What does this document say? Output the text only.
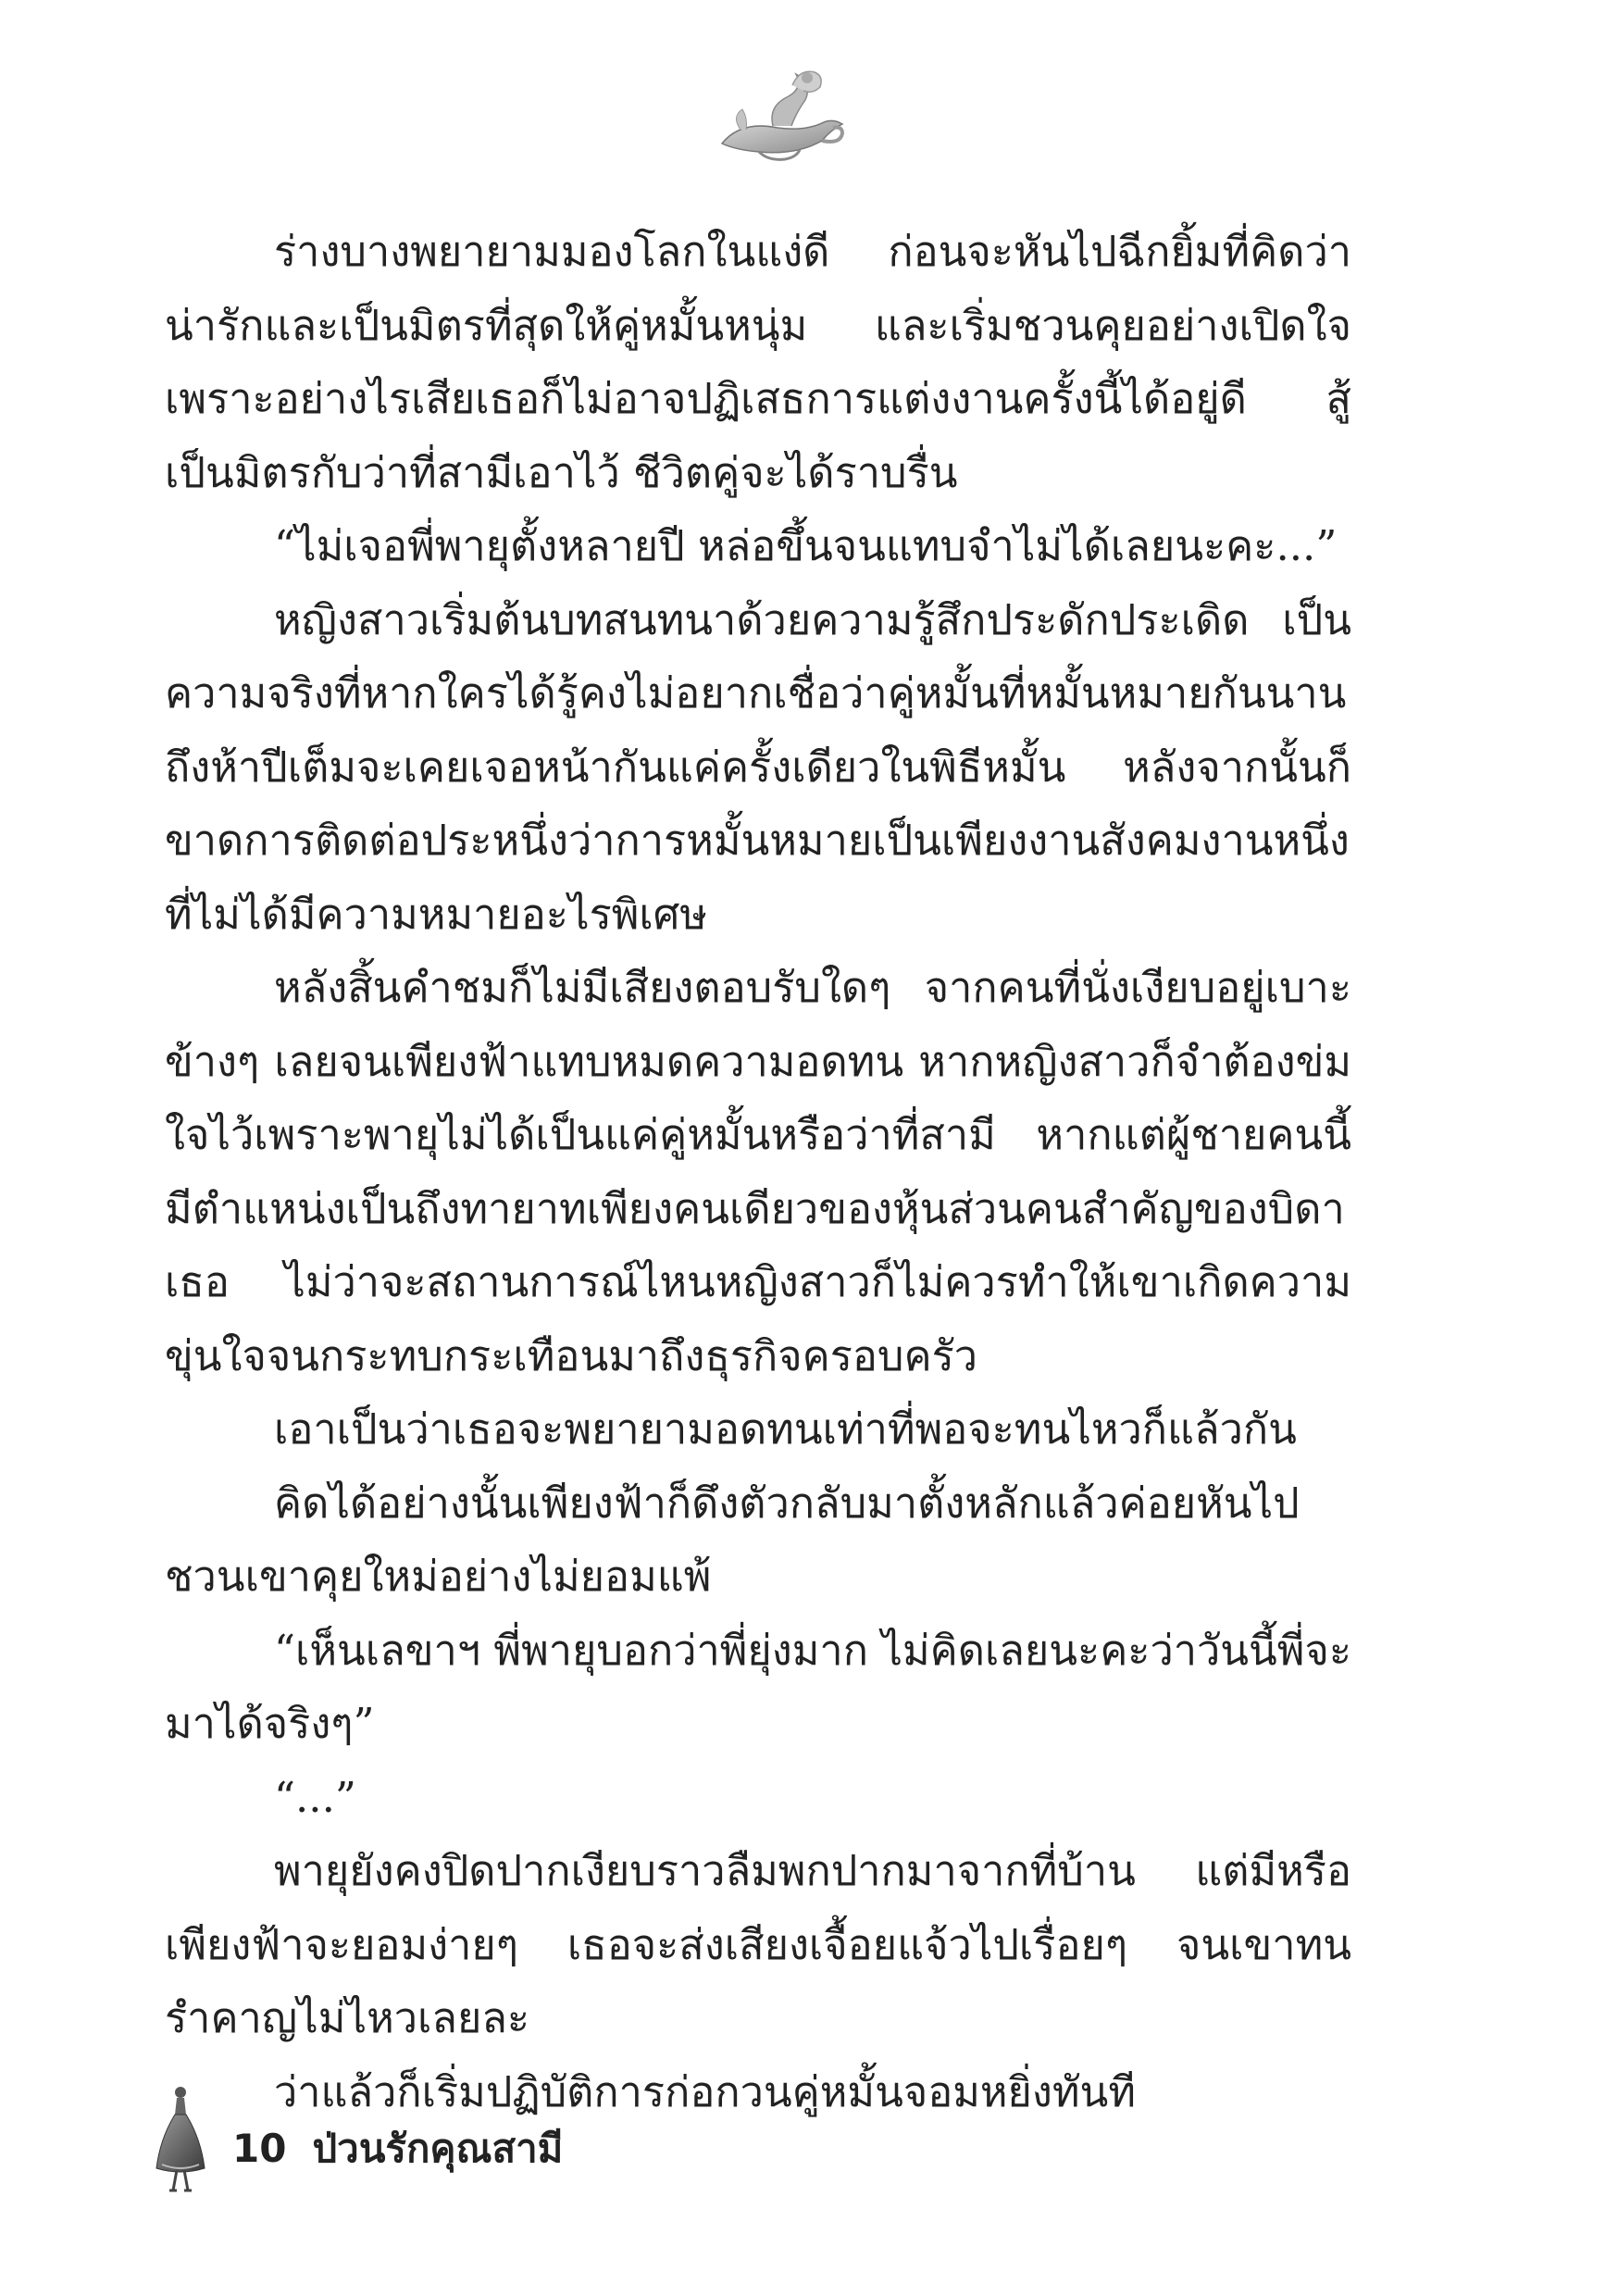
ร่างบางพยายามมองโลกในแง่ดี ก่อนจะหันไปฉีกยิ้มที่คิดว่าน่ารักและเป็นมิตรที่สุดให้คู่หมั้นหนุ่ม และเริ่มชวนคุยอย่างเปิดใจ เพราะอย่างไรเสียเธอก็ไม่อาจปฏิเสธการแต่งงานครั้งนี้ได้อยู่ดี สู้เป็นมิตรกับว่าที่สามีเอาไว้ ชีวิตคู่จะได้ราบรื่น

“ไม่เจอพี่พายุตั้งหลายปี หล่อขึ้นจนแทบจำไม่ได้เลยนะคะ...”

หญิงสาวเริ่มต้นบทสนทนาด้วยความรู้สึกประดักประเดิด เป็นความจริงที่หากใครได้รู้คงไม่อยากเชื่อว่าคู่หมั้นที่หมั้นหมายกันนานถึงห้าปีเต็มจะเคยเจอหน้ากันแค่ครั้งเดียวในพิธีหมั้น หลังจากนั้นก็ขาดการติดต่อประหนึ่งว่าการหมั้นหมายเป็นเพียงงานสังคมงานหนึ่งที่ไม่ได้มีความหมายอะไรพิเศษ

หลังสิ้นคำชมก็ไม่มีเสียงตอบรับใดๆ จากคนที่นั่งเงียบอยู่เบาะข้างๆ เลยจนเพียงฟ้าแทบหมดความอดทน หากหญิงสาวก็จำต้องข่มใจไว้เพราะพายุไม่ได้เป็นแค่คู่หมั้นหรือว่าที่สามี หากแต่ผู้ชายคนนี้มีตำแหน่งเป็นถึงทายาทเพียงคนเดียวของหุ้นส่วนคนสำคัญของบิดาเธอ ไม่ว่าจะสถานการณ์ไหนหญิงสาวก็ไม่ควรทำให้เขาเกิดความขุ่นใจจนกระทบกระเทือนมาถึงธุรกิจครอบครัว

เอาเป็นว่าเธอจะพยายามอดทนเท่าที่พอจะทนไหวก็แล้วกัน

คิดได้อย่างนั้นเพียงฟ้าก็ดึงตัวกลับมาตั้งหลักแล้วค่อยหันไปชวนเขาคุยใหม่อย่างไม่ยอมแพ้

“เห็นเลขาฯ พี่พายุบอกว่าพี่ยุ่งมาก ไม่คิดเลยนะคะว่าวันนี้พี่จะมาได้จริงๆ”

“...”

พายุยังคงปิดปากเงียบราวลืมพกปากมาจากที่บ้าน แต่มีหรือเพียงฟ้าจะยอมง่ายๆ เธอจะส่งเสียงเจื้อยแจ้วไปเรื่อยๆ จนเขาทนรำคาญไม่ไหวเลยละ

ว่าแล้วก็เริ่มปฏิบัติการก่อกวนคู่หมั้นจอมหยิ่งทันที

10 ป่วนรักคุณสามี
